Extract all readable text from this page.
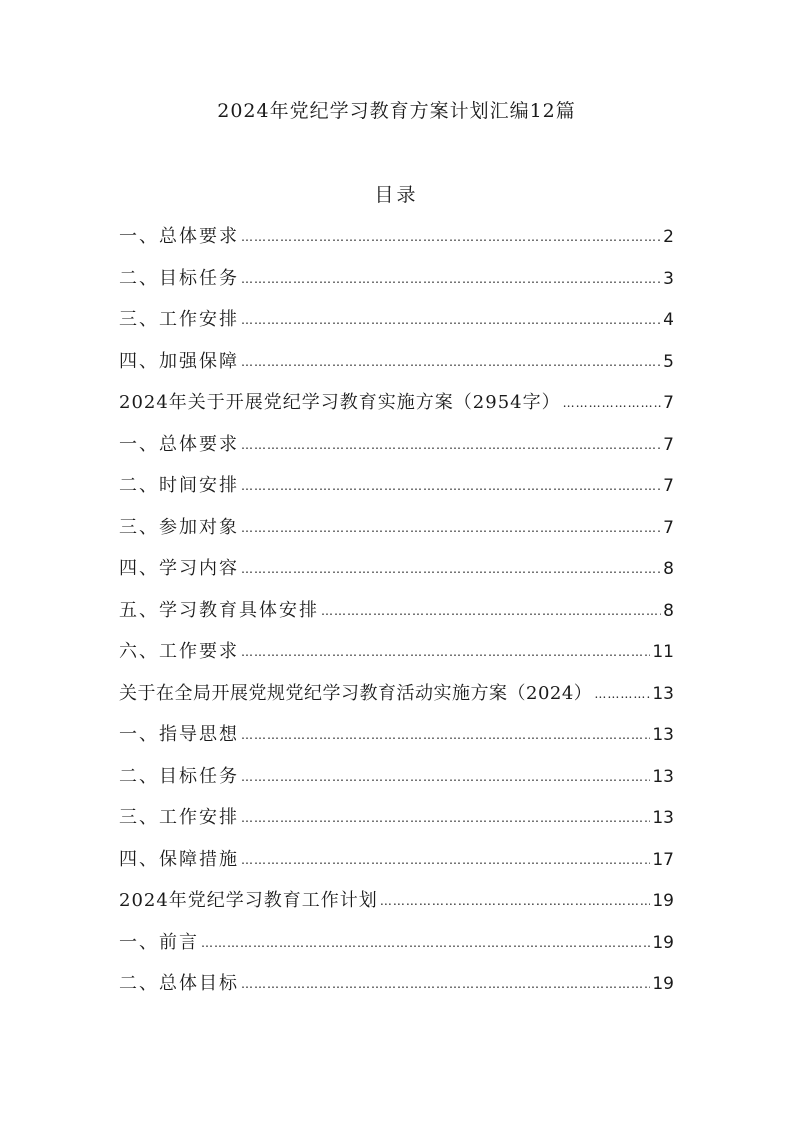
2024年党纪学习教育方案计划汇编12篇
目录
一、总体要求 ……………………………………………………………………………………………………………………………………………………………………………………	2
二、目标任务 ……………………………………………………………………………………………………………………………………………………………………………………	3
三、工作安排 ……………………………………………………………………………………………………………………………………………………………………………………	4
四、加强保障 ……………………………………………………………………………………………………………………………………………………………………………………	5
2024年关于开展党纪学习教育实施方案（2954字） ……………………………………………………………………………………………………………………………………………………………………………………	7
一、总体要求 ……………………………………………………………………………………………………………………………………………………………………………………	7
二、时间安排 ……………………………………………………………………………………………………………………………………………………………………………………	7
三、参加对象 ……………………………………………………………………………………………………………………………………………………………………………………	7
四、学习内容 ……………………………………………………………………………………………………………………………………………………………………………………	8
五、学习教育具体安排 ……………………………………………………………………………………………………………………………………………………………………………………	8
六、工作要求 ……………………………………………………………………………………………………………………………………………………………………………………	11
关于在全局开展党规党纪学习教育活动实施方案（2024） ……………………………………………………………………………………………………………………………………………………………………………………	13
一、指导思想 ……………………………………………………………………………………………………………………………………………………………………………………	13
二、目标任务 ……………………………………………………………………………………………………………………………………………………………………………………	13
三、工作安排 ……………………………………………………………………………………………………………………………………………………………………………………	13
四、保障措施 ……………………………………………………………………………………………………………………………………………………………………………………	17
2024年党纪学习教育工作计划 ……………………………………………………………………………………………………………………………………………………………………………………	19
一、前言 ……………………………………………………………………………………………………………………………………………………………………………………	19
二、总体目标 ……………………………………………………………………………………………………………………………………………………………………………………	19
